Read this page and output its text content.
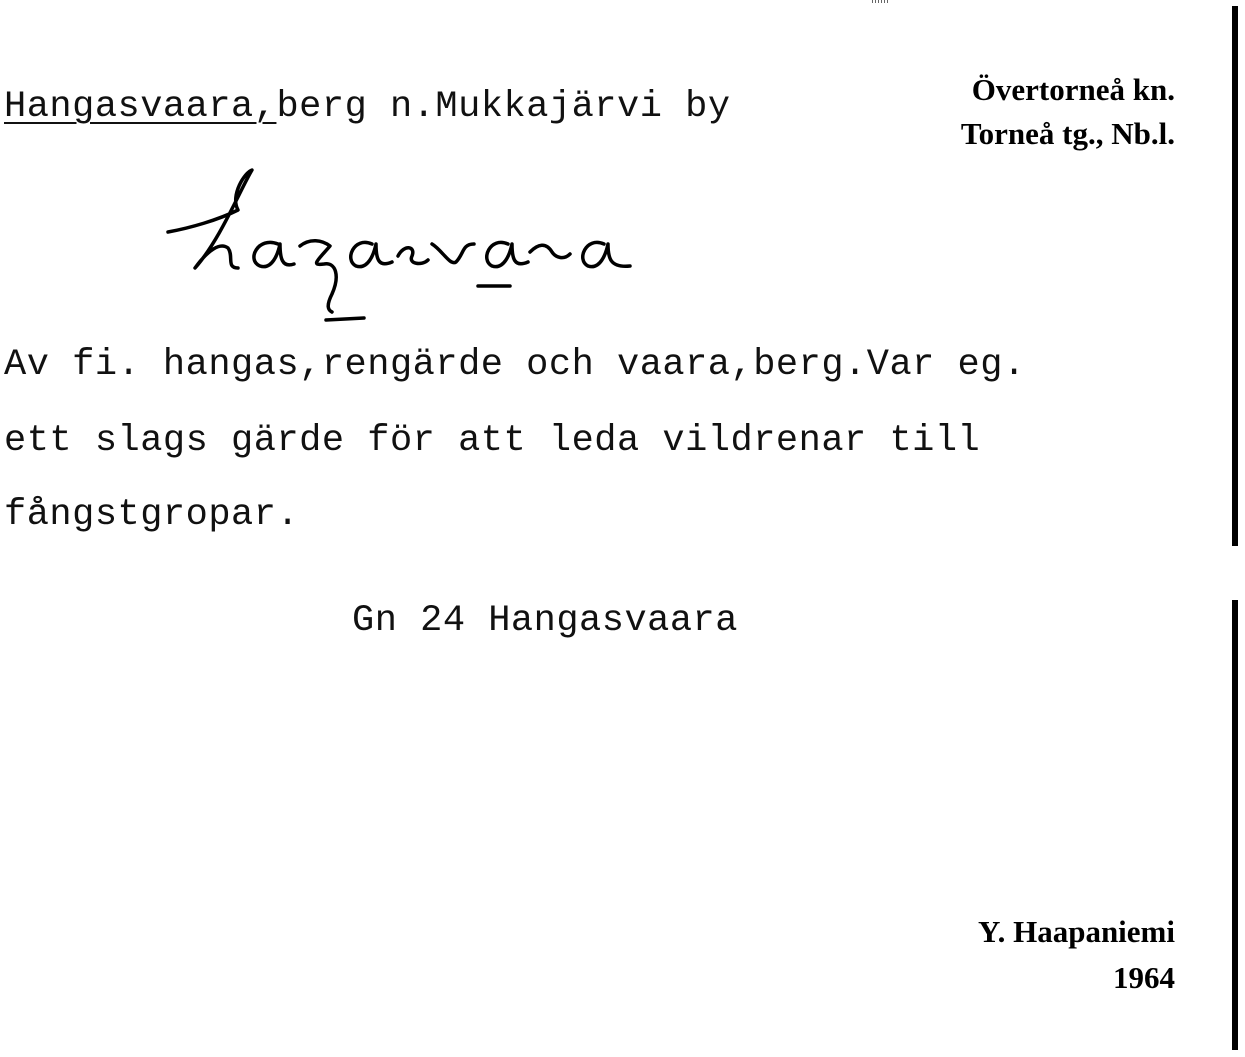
Hangasvaara,berg n.Mukkajärvi by	Övertorneå kn.
Torneå tg., Nb.l.
Av fi. hangas,rengärde och vaara,berg.Var eg.
ett slags gärde för att leda vildrenar till
fångstgropar.
Gn 24 Hangasvaara
Y. Haapaniemi
1964
